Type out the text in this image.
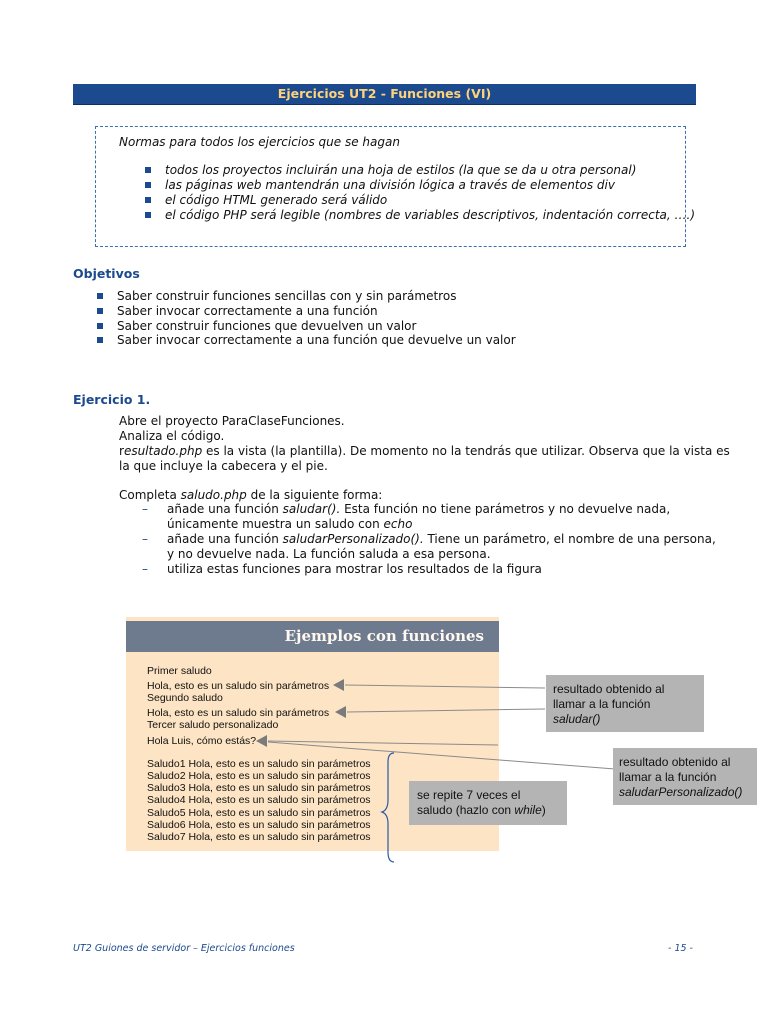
Ejercicios UT2 - Funciones (VI)
Normas para todos los ejercicios que se hagan
todos los proyectos incluirán una hoja de estilos (la que se da u otra personal)
las páginas web mantendrán una división lógica a través de elementos div
el código HTML generado será válido
el código PHP será legible (nombres de variables descriptivos, indentación correcta, ….)
Objetivos
Saber construir funciones sencillas con y sin parámetros
Saber invocar correctamente a una función
Saber construir funciones que devuelven un valor
Saber invocar correctamente a una función que devuelve un valor
Ejercicio 1.
Abre el proyecto ParaClaseFunciones.
Analiza el código.
resultado.php es la vista (la plantilla). De momento no la tendrás que utilizar. Observa que la vista es
la que incluye la cabecera y el pie.
Completa saludo.php de la siguiente forma:
– añade una función saludar(). Esta función no tiene parámetros y no devuelve nada,
únicamente muestra un saludo con echo
– añade una función saludarPersonalizado(). Tiene un parámetro, el nombre de una persona,
y no devuelve nada. La función saluda a esa persona.
– utiliza estas funciones para mostrar los resultados de la figura
Ejemplos con funciones
Primer saludo
Hola, esto es un saludo sin parámetros
Segundo saludo
Hola, esto es un saludo sin parámetros
Tercer saludo personalizado
Hola Luis, cómo estás?
Saludo1 Hola, esto es un saludo sin parámetros
Saludo2 Hola, esto es un saludo sin parámetros
Saludo3 Hola, esto es un saludo sin parámetros
Saludo4 Hola, esto es un saludo sin parámetros
Saludo5 Hola, esto es un saludo sin parámetros
Saludo6 Hola, esto es un saludo sin parámetros
Saludo7 Hola, esto es un saludo sin parámetros
resultado obtenido al
llamar a la función
saludar()
resultado obtenido al
llamar a la función
saludarPersonalizado()
se repite 7 veces el
saludo (hazlo con while)
UT2 Guiones de servidor – Ejercicios funciones	- 15 -
